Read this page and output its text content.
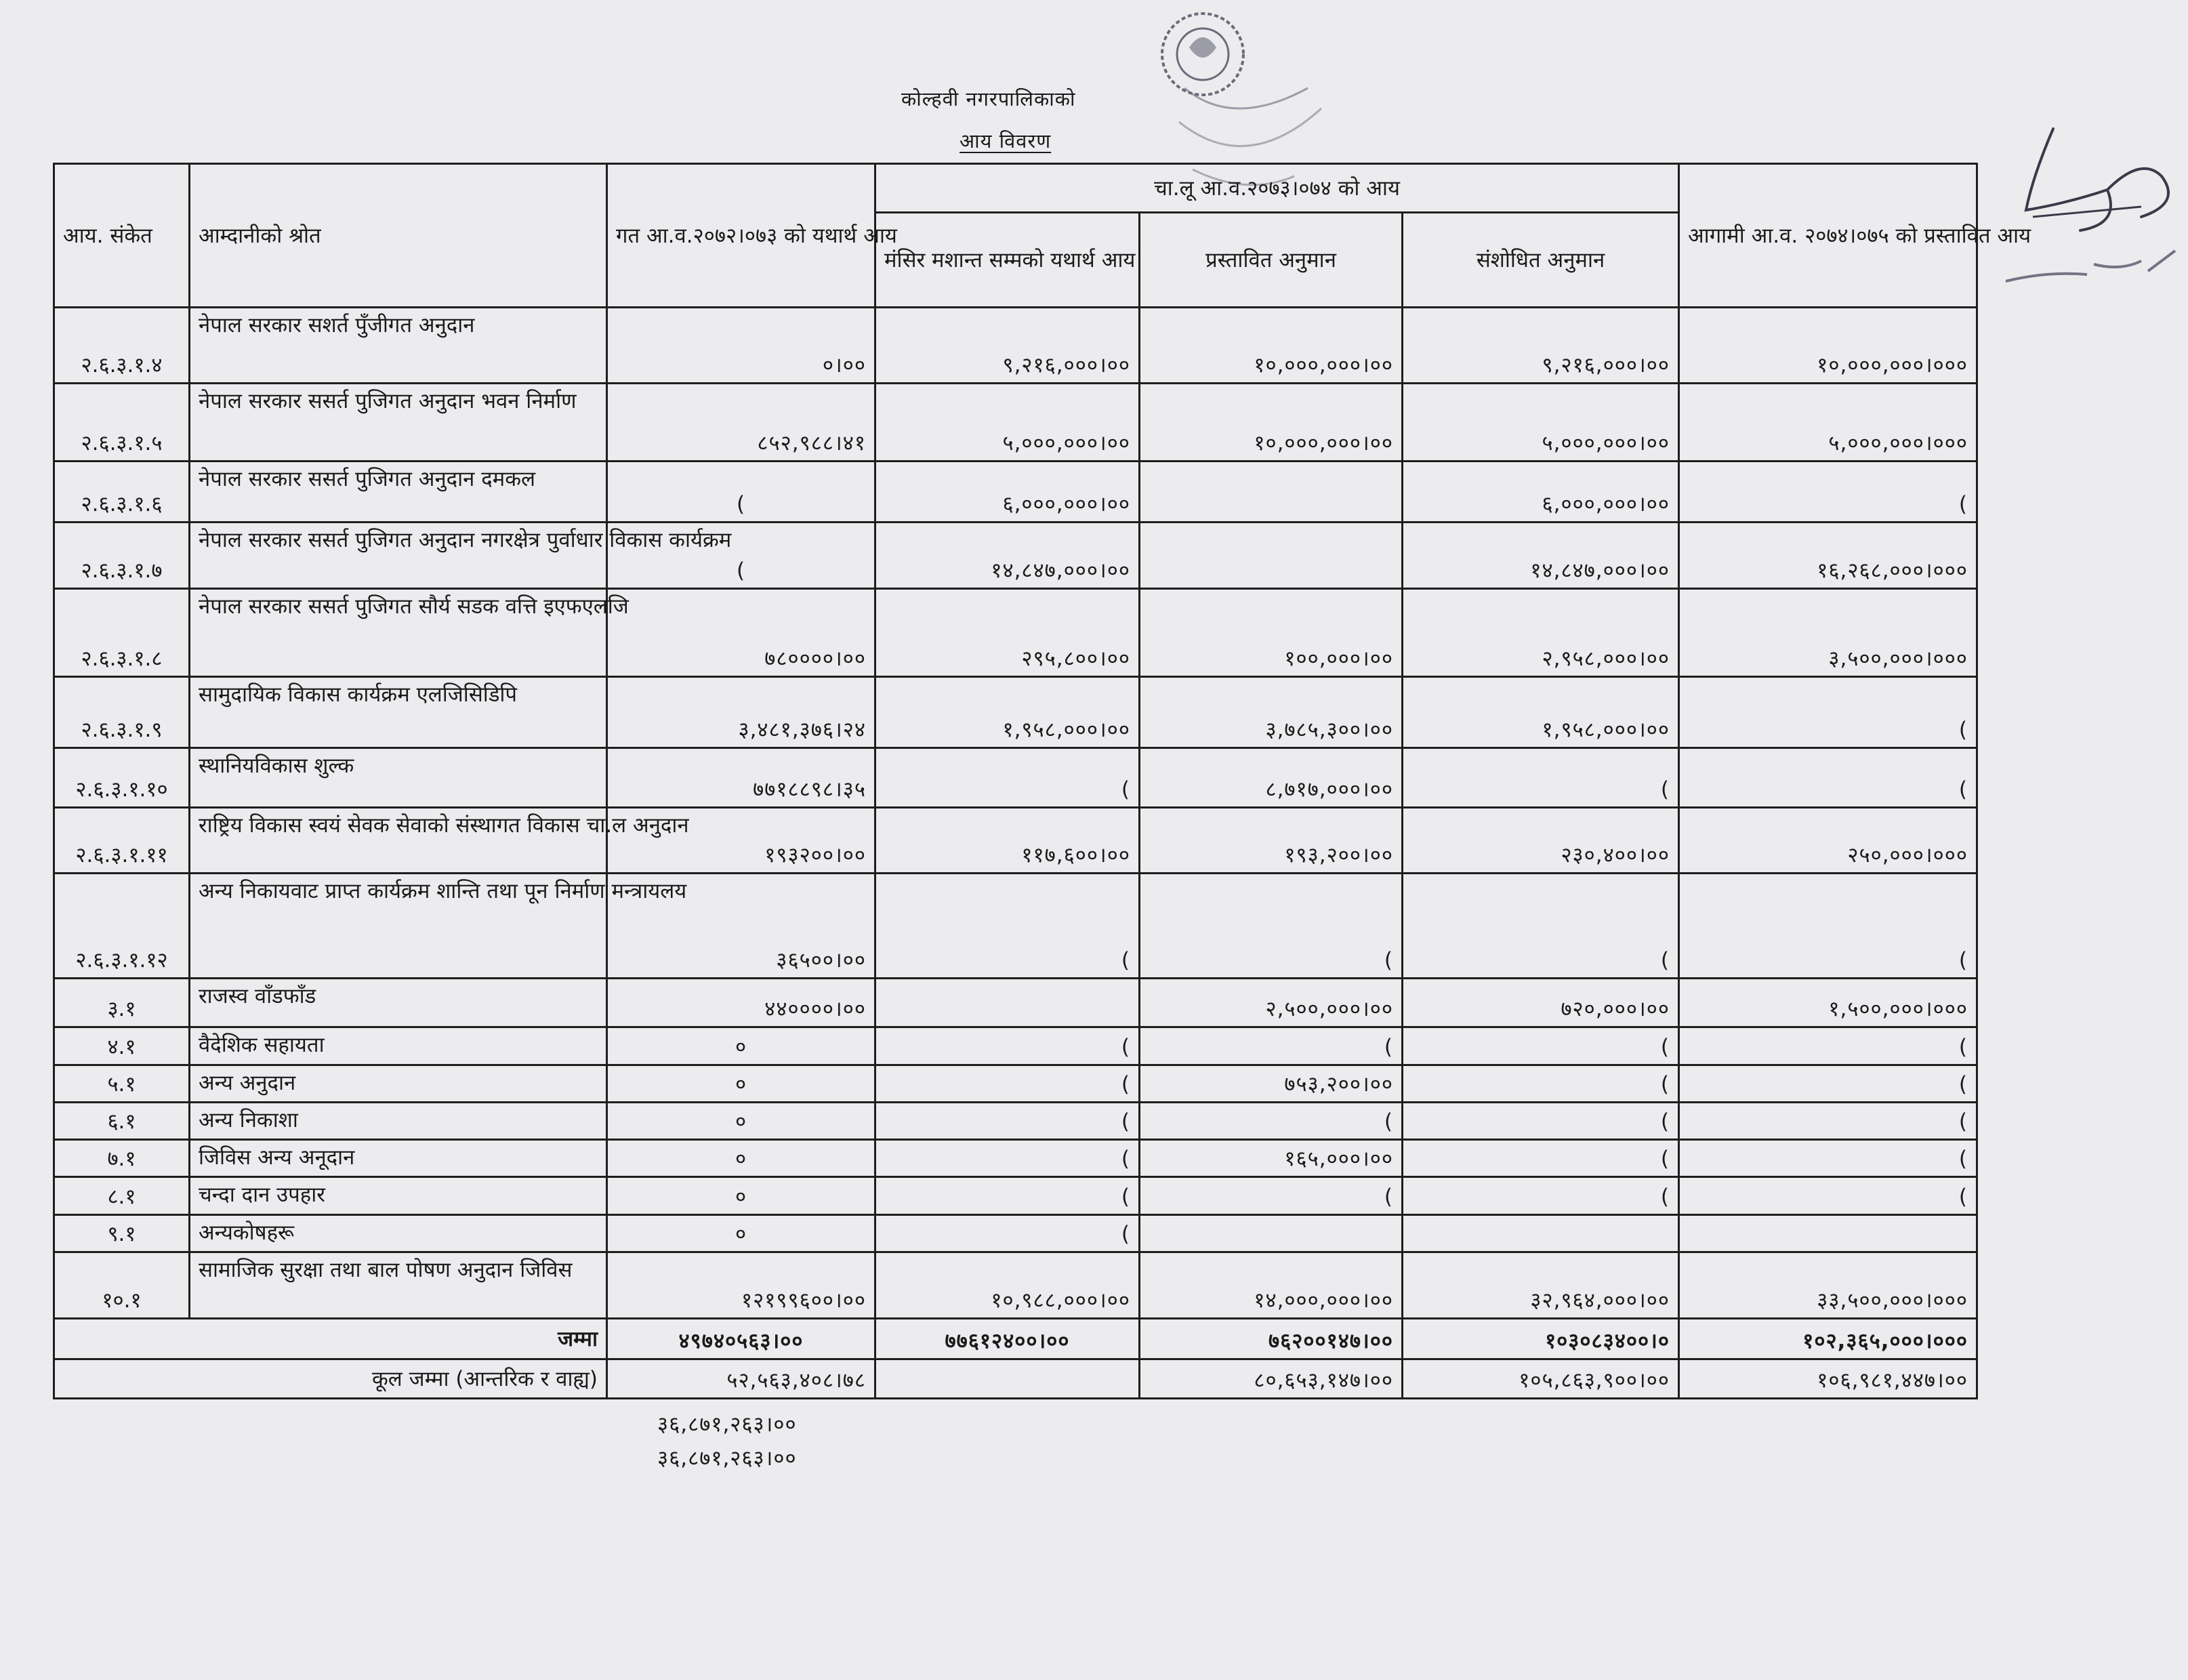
कोल्हवी नगरपालिकाको
आय विवरण
आय. संकेत	आम्दानीको श्रोत	गत आ.व.२०७२।०७३ को यथार्थ आय	चा.लू आ.व.२०७३।०७४ को आय			आगामी आ.व. २०७४।०७५ को प्रस्तावित आय
			मंसिर मशान्त सम्मको यथार्थ आय	प्रस्तावित अनुमान	संशोधित अनुमान	
२.६.३.१.४	नेपाल सरकार सशर्त पुँजीगत अनुदान	०।००	९,२१६,०००।००	१०,०००,०००।००	९,२१६,०००।००	१०,०००,०००।०००
२.६.३.१.५	नेपाल सरकार ससर्त पुजिगत अनुदान भवन निर्माण	८५२,९८८।४१	५,०००,०००।००	१०,०००,०००।००	५,०००,०००।००	५,०००,०००।०००
२.६.३.१.६	नेपाल सरकार ससर्त पुजिगत अनुदान दमकल	(	६,०००,०००।००		६,०००,०००।००	(
२.६.३.१.७	नेपाल सरकार ससर्त पुजिगत अनुदान नगरक्षेत्र पुर्वाधार विकास कार्यक्रम	(	१४,८४७,०००।००		१४,८४७,०००।००	१६,२६८,०००।०००
२.६.३.१.८	नेपाल सरकार ससर्त पुजिगत सौर्य सडक वत्ति इएफएलजि	७८००००।००	२९५,८००।००	१००,०००।००	२,९५८,०००।००	३,५००,०००।०००
२.६.३.१.९	सामुदायिक विकास कार्यक्रम एलजिसिडिपि	३,४८१,३७६।२४	१,९५८,०००।००	३,७८५,३००।००	१,९५८,०००।००	(
२.६.३.१.१०	स्थानियविकास शुल्क	७७१८८९८।३५	(	८,७१७,०००।००	(	(
२.६.३.१.११	राष्ट्रिय विकास स्वयं सेवक सेवाको संस्थागत विकास चा.ल अनुदान	१९३२००।००	११७,६००।००	१९३,२००।००	२३०,४००।००	२५०,०००।०००
२.६.३.१.१२	अन्य निकायवाट प्राप्त कार्यक्रम शान्ति तथा पून निर्माण मन्त्रायलय	३६५००।००	(	(	(	(
३.१	राजस्व वाँडफाँड	४४००००।००		२,५००,०००।००	७२०,०००।००	१,५००,०००।०००
४.१	वैदेशिक सहायता	०	(	(	(	(
५.१	अन्य अनुदान	०	(	७५३,२००।००	(	(
६.१	अन्य निकाशा	०	(	(	(	(
७.१	जिविस अन्य अनूदान	०	(	१६५,०००।००	(	(
८.१	चन्दा दान उपहार	०	(	(	(	(
९.१	अन्यकोषहरू	०	(			
१०.१	सामाजिक सुरक्षा तथा बाल पोषण अनुदान जिविस	१२१९९६००।००	१०,९८८,०००।००	१४,०००,०००।००	३२,९६४,०००।००	३३,५००,०००।०००
जम्मा		४९७४०५६३।००	७७६१२४००।००	७६२००१४७।००	१०३०८३४००।०	१०२,३६५,०००।०००
कूल जम्मा (आन्तरिक र वाह्य)		५२,५६३,४०८।७८		८०,६५३,१४७।००	१०५,८६३,९००।००	१०६,९८१,४४७।००
३६,८७१,२६३।००
३६,८७१,२६३।००
